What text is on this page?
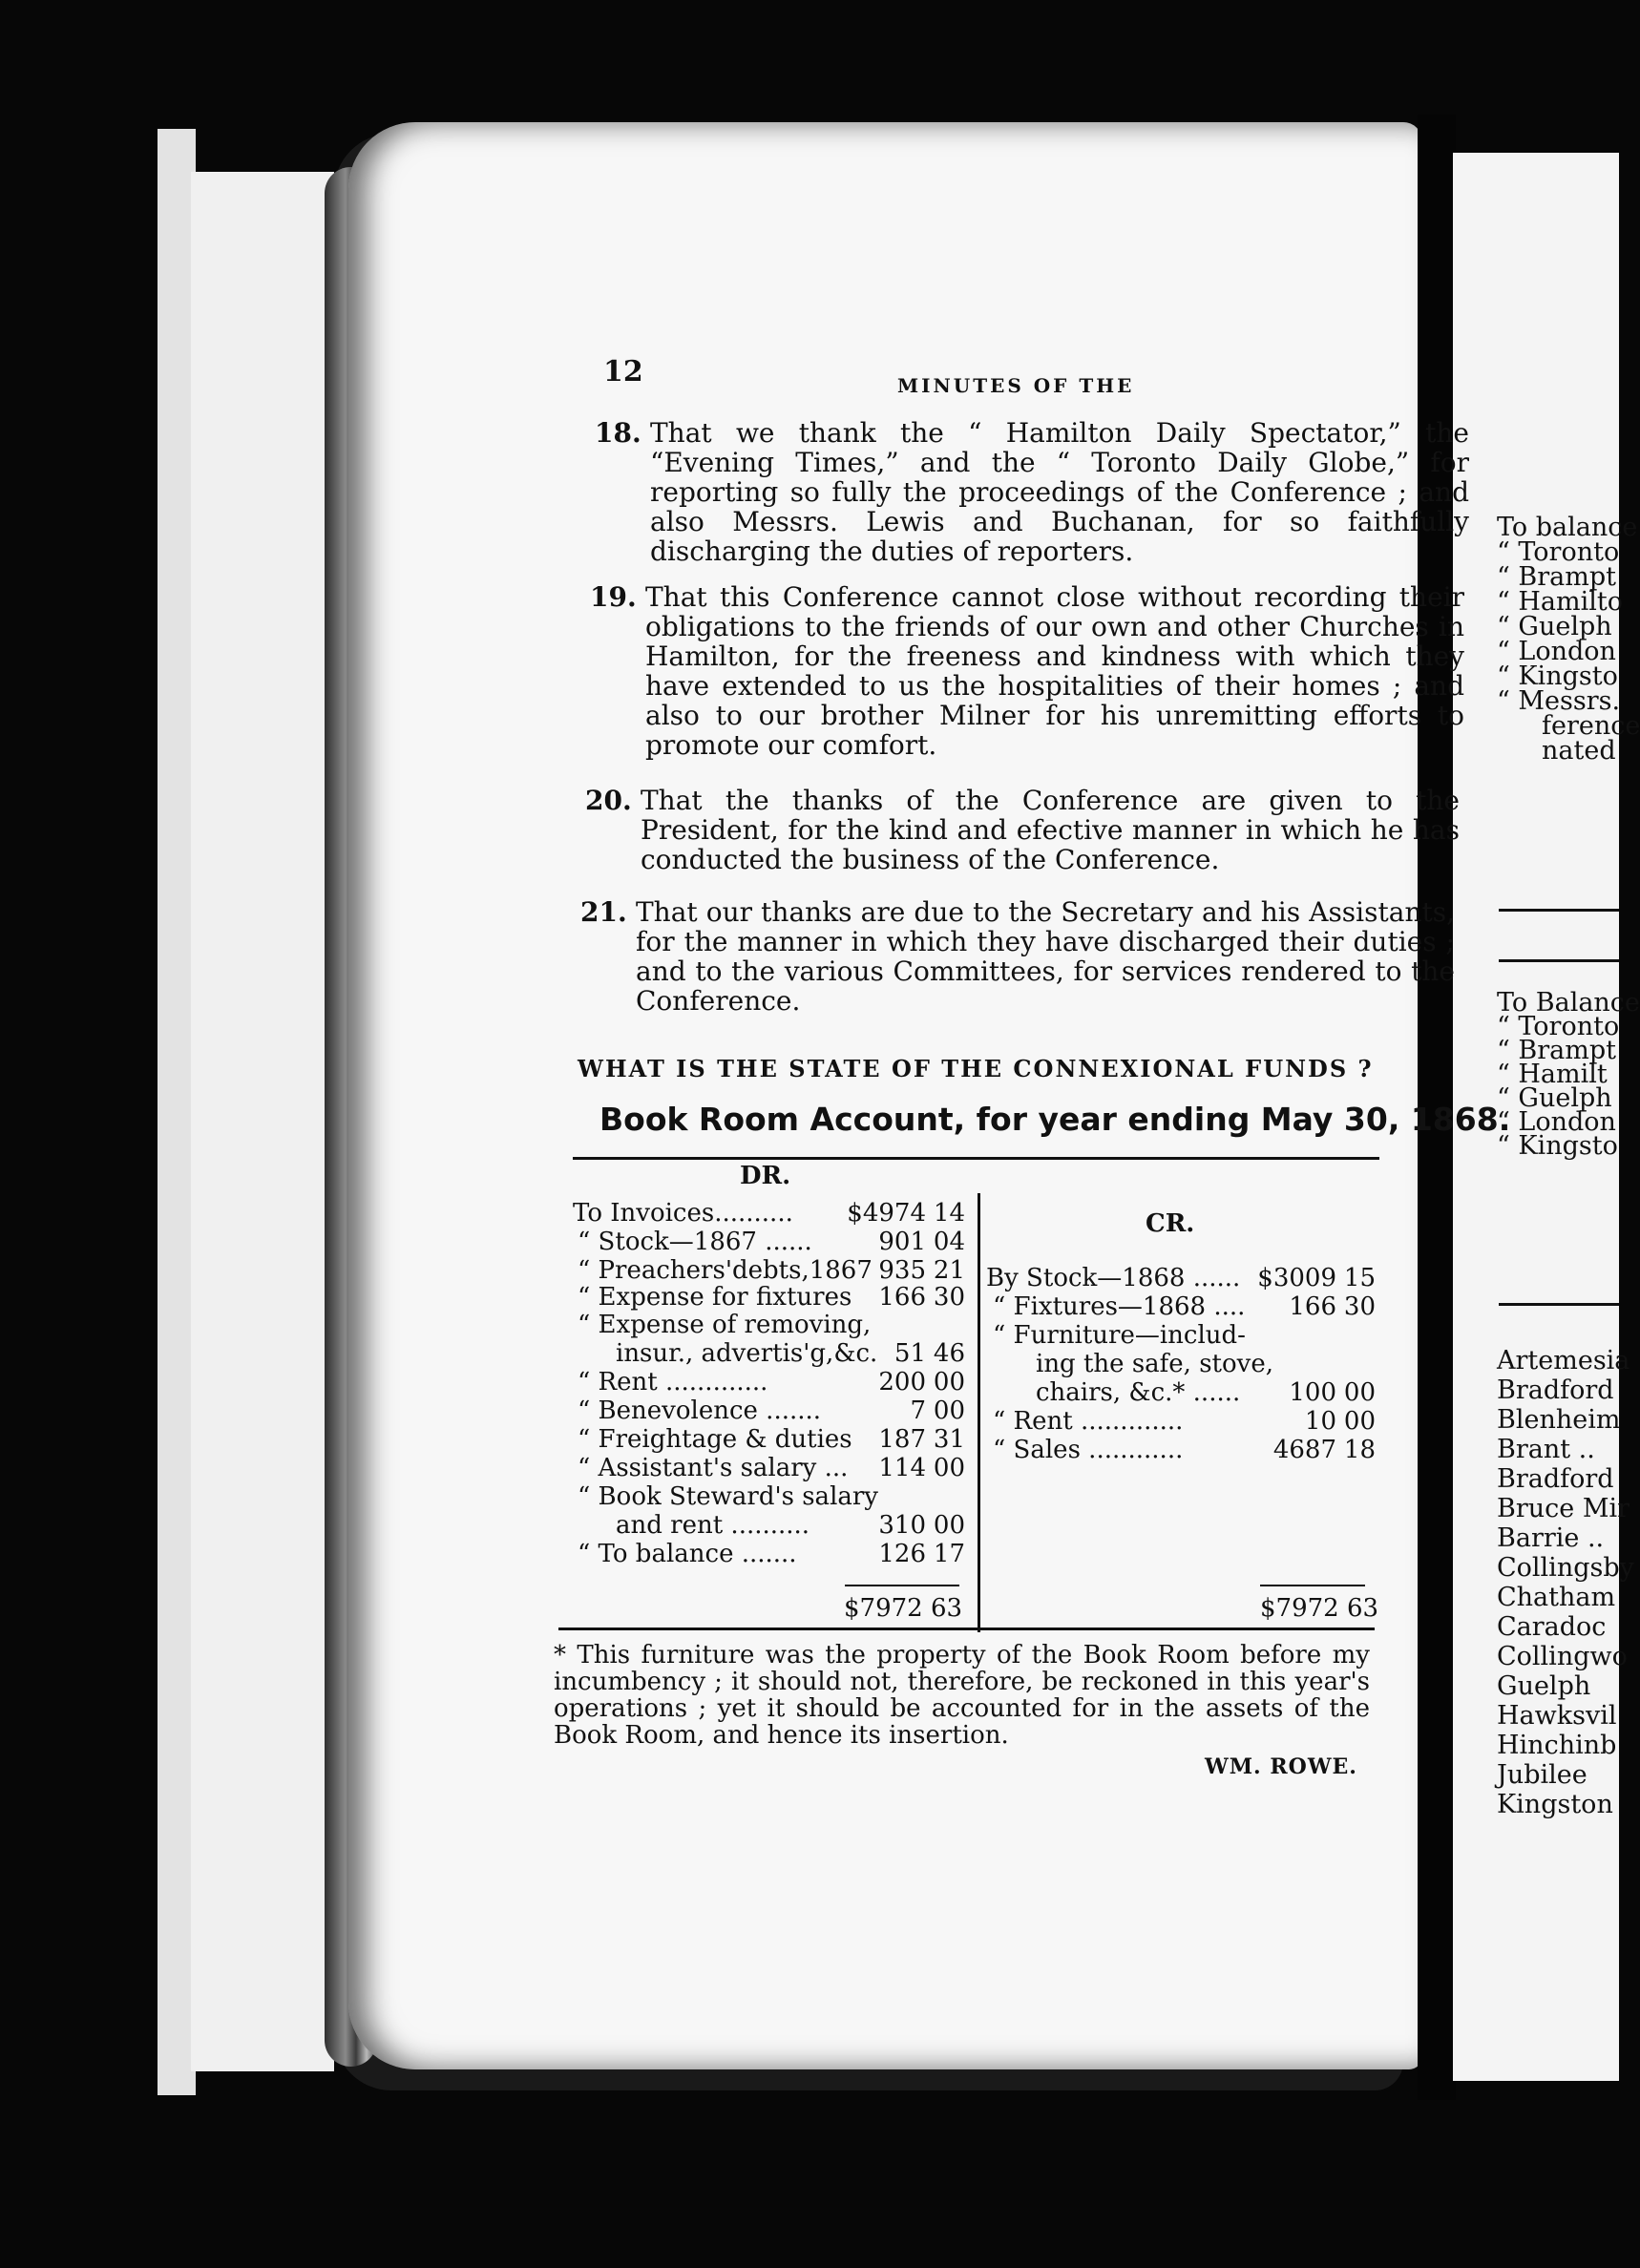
12	MINUTES OF THE
18. That we thank the “ Hamilton Daily Spectator,” the “Evening Times,” and the “ Toronto Daily Globe,” for reporting so fully the proceedings of the Conference ; and also Messrs. Lewis and Buchanan, for so faithfully discharging the duties of reporters.
19. That this Conference cannot close without recording their obligations to the friends of our own and other Churches in Hamilton, for the freeness and kindness with which they have extended to us the hospitalities of their homes ; and also to our brother Milner for his unremitting efforts to promote our comfort.
20. That the thanks of the Conference are given to the President, for the kind and efective manner in which he has conducted the business of the Conference.
21. That our thanks are due to the Secretary and his Assistants, for the manner in which they have discharged their duties ; and to the various Committees, for services rendered to the Conference.
WHAT IS THE STATE OF THE CONNEXIONAL FUNDS ?
Book Room Account, for year ending May 30, 1868.
DR.
CR.
To Invoices.......... $4974 14
“ Stock—1867 ......	901 04
“ Preachers'debts,1867 935 21
“ Expense for fixtures	166 30
“ Expense of removing,
insur., advertis'g,&c. 51 46
“ Rent .............	200 00
“ Benevolence .......	7 00
“ Freightage & duties	187 31
“ Assistant's salary ...	114 00
“ Book Steward's salary
and rent ..........	310 00
“ To balance .......	126 17
By Stock—1868 ...... $3009 15
“ Fixtures—1868 ....	166 30
“ Furniture—includ-
ing the safe, stove,
chairs, &c.* ......	100 00
“ Rent .............	10 00
“ Sales ............	4687 18
$7972 63	$7972 63
* This furniture was the property of the Book Room before my incumbency ; it should not, therefore, be reckoned in this year's operations ; yet it should be accounted for in the assets of the Book Room, and hence its insertion.
WM. ROWE.
To balance
“ Toronto
“ Brampt
“ Hamilto
“ Guelph
“ London
“ Kingsto
“ Messrs.
ference
nated
To Balance
“ Toronto
“ Brampt
“ Hamilt
“ Guelph
“ London
“ Kingsto
Artemesia
Bradford
Blenheim
Brant ..
Bradford
Bruce Mir
Barrie ..
Collingsby
Chatham
Caradoc
Collingwo
Guelph
Hawksvil
Hinchinb
Jubilee
Kingston
